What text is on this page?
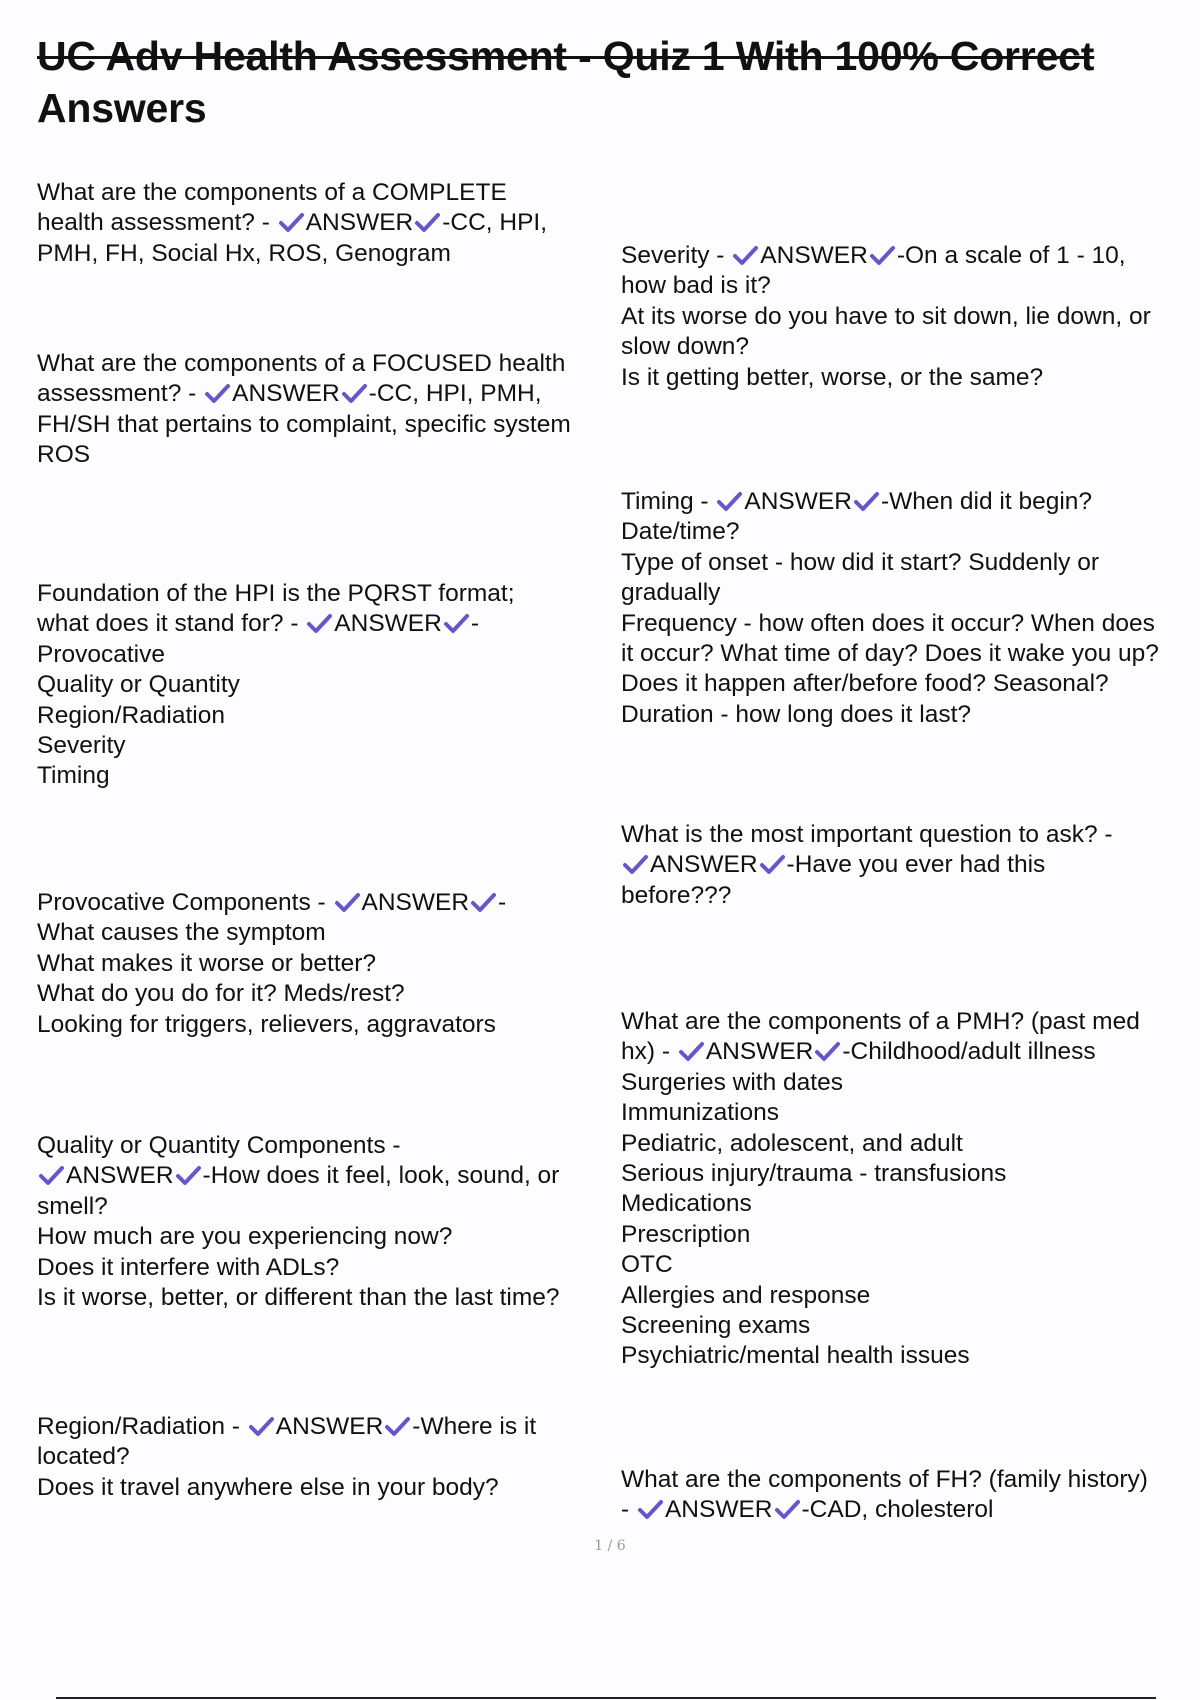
UC Adv Health Assessment - Quiz 1 With 100% Correct
Answers
What are the components of a COMPLETE
health assessment? -
ANSWER -CC, HPI,
PMH, FH, Social Hx, ROS, Genogram
What are the components of a FOCUSED health
assessment? -
ANSWER -CC, HPI, PMH,
FH/SH that pertains to complaint, specific system
ROS
Foundation of the HPI is the PQRST format;
what does it stand for? -
ANSWER -
Provocative
Quality or Quantity
Region/Radiation
Severity
Timing
Provocative Components -
ANSWER -
What causes the symptom
What makes it worse or better?
What do you do for it? Meds/rest?
Looking for triggers, relievers, aggravators
Quality or Quantity Components -
ANSWER -How does it feel, look, sound, or
smell?
How much are you experiencing now?
Does it interfere with ADLs?
Is it worse, better, or different than the last time?
Region/Radiation -
ANSWER -Where is it
located?
Does it travel anywhere else in your body?
Severity -
ANSWER -On a scale of 1 - 10,
how bad is it?
At its worse do you have to sit down, lie down, or
slow down?
Is it getting better, worse, or the same?
Timing -
ANSWER -When did it begin?
Date/time?
Type of onset - how did it start? Suddenly or
gradually
Frequency - how often does it occur? When does
it occur? What time of day? Does it wake you up?
Does it happen after/before food? Seasonal?
Duration - how long does it last?
What is the most important question to ask? -
ANSWER -Have you ever had this
before???
What are the components of a PMH? (past med
hx) -
ANSWER -Childhood/adult illness
Surgeries with dates
Immunizations
Pediatric, adolescent, and adult
Serious injury/trauma - transfusions
Medications
Prescription
OTC
Allergies and response
Screening exams
Psychiatric/mental health issues
What are the components of FH? (family history)
-
ANSWER -CAD, cholesterol
1 / 6
